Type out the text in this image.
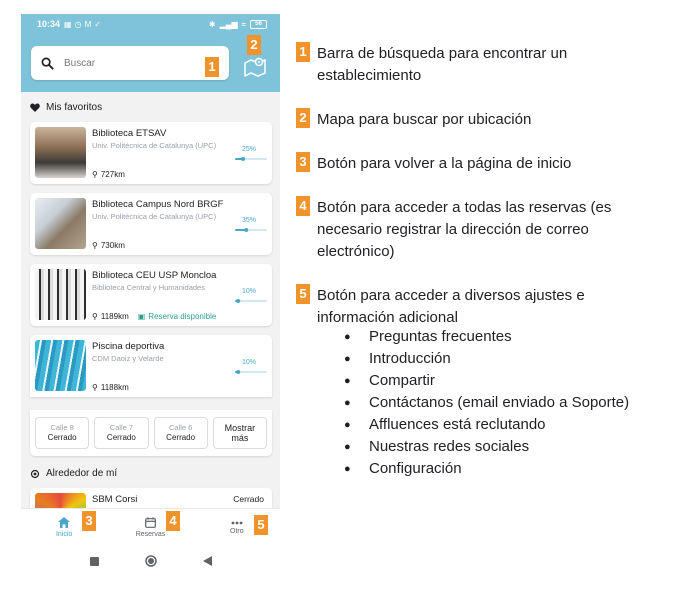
10:34 ▦ ◷ M ✓	✱ ▂▄▆ ≈	56
Buscar
Mis favoritos
Biblioteca ETSAV
Univ. Politècnica de Catalunya (UPC)
⚲ 727km
25%
Biblioteca Campus Nord BRGF
Univ. Politècnica de Catalunya (UPC)
⚲ 730km
35%
Biblioteca CEU USP Moncloa
Biblioteca Central y Humanidades
⚲ 1189km ▣ Reserva disponible
10%
Piscina deportiva
CDM Daoiz y Velarde
⚲ 1188km
10%
Calle 8
Cerrado
Calle 7
Cerrado
Calle 6
Cerrado
Mostrar más
Alrededor de mí
SBM Corsi	Cerrado
Inicio	Reservas	Otro
1
2
3	4	5
1 Barra de búsqueda para encontrar un establecimiento
2 Mapa para buscar por ubicación
3 Botón para volver a la página de inicio
4 Botón para acceder a todas las reservas (es necesario registrar la dirección de correo electrónico)
5 Botón para acceder a diversos ajustes e información adicional
● Preguntas frecuentes
● Introducción
● Compartir
● Contáctanos (email enviado a Soporte)
● Affluences está reclutando
● Nuestras redes sociales
● Configuración
